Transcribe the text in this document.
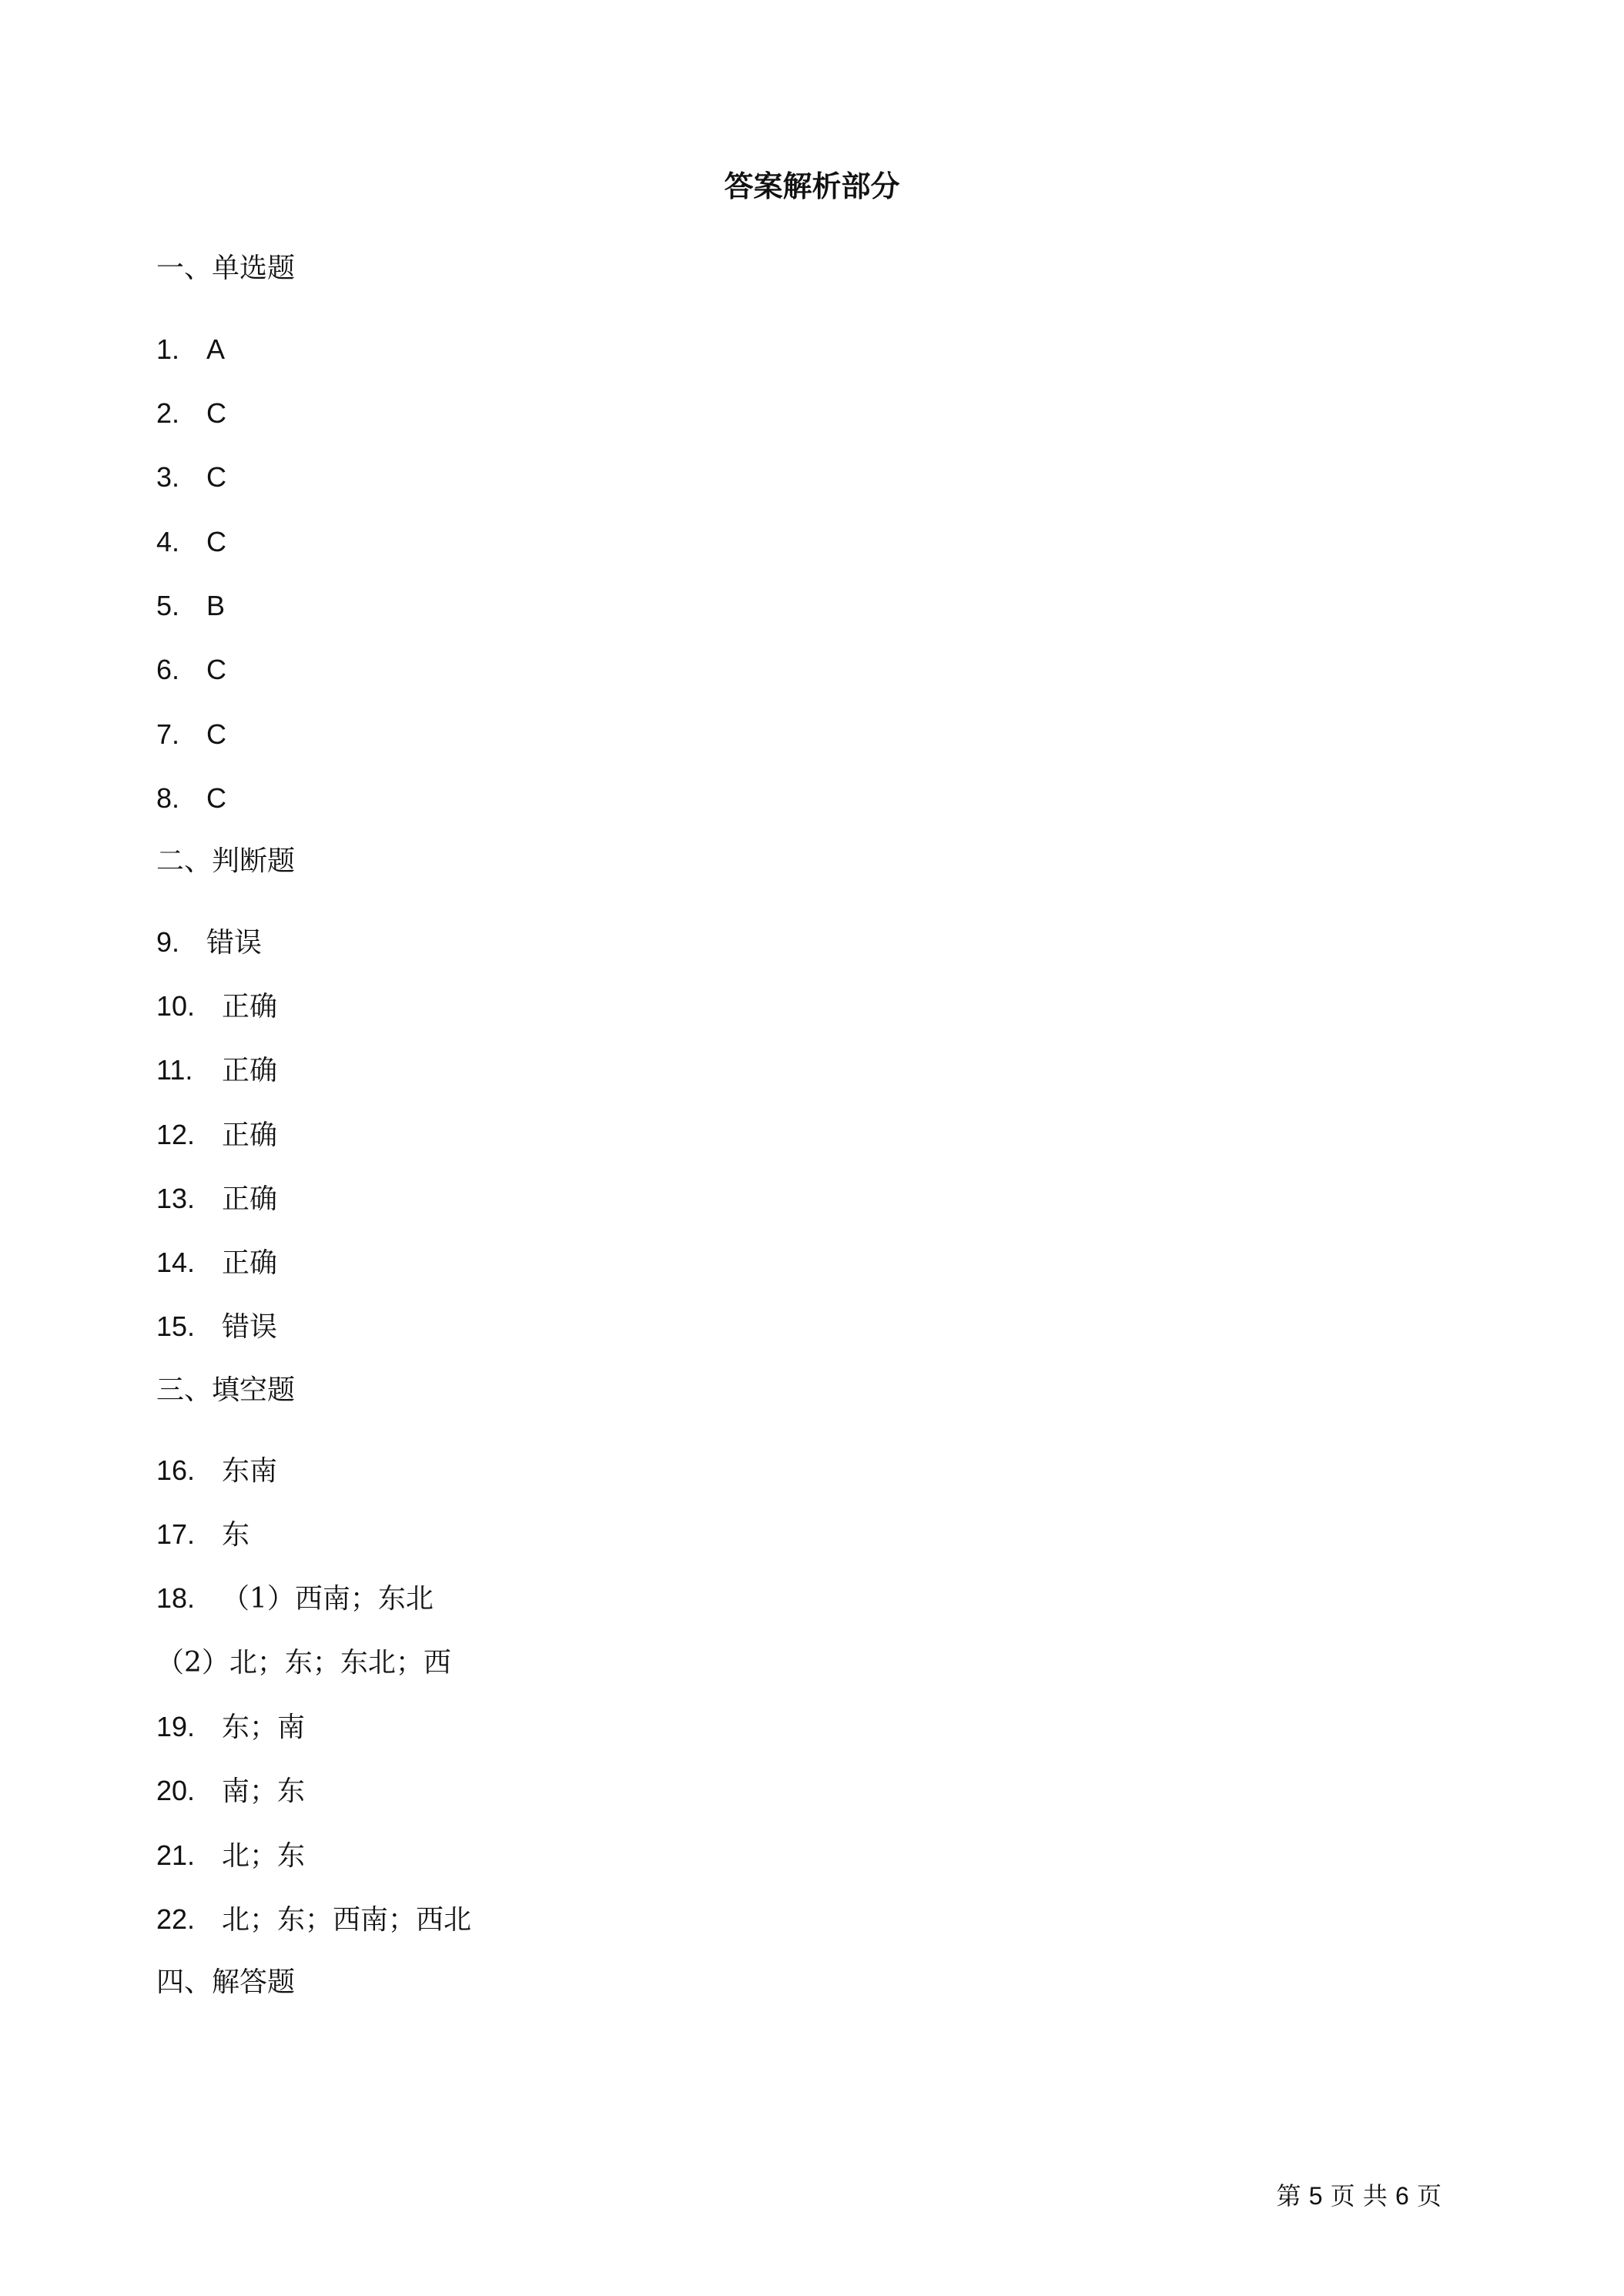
答案解析部分
一、单选题
1. A
2. C
3. C
4. C
5. B
6. C
7. C
8. C
二、判断题
9. 错误
10. 正确
11. 正确
12. 正确
13. 正确
14. 正确
15. 错误
三、填空题
16. 东南
17. 东
18. （1）西南；东北
（2）北；东；东北；西
19. 东；南
20. 南；东
21. 北；东
22. 北；东；西南；西北
四、解答题
第 5 页 共 6 页
